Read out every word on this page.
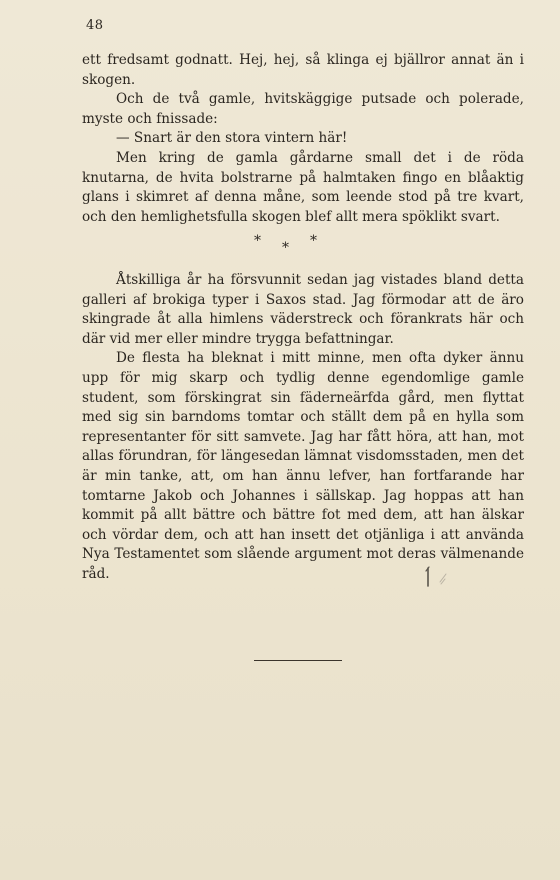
48

ett fredsamt godnatt. Hej, hej, så klinga ej bjällror annat än i skogen.

Och de två gamle, hvitskäggige putsade och polerade, myste och fnissade:

— Snart är den stora vintern här!

Men kring de gamla gårdarne small det i de röda knutarna, de hvita bolstrarne på halmtaken fingo en blåaktig glans i skimret af denna måne, som leende stod på tre kvart, och den hemlighetsfulla skogen blef allt mera spöklikt svart.

* * *

Åtskilliga år ha försvunnit sedan jag vistades bland detta galleri af brokiga typer i Saxos stad. Jag förmodar att de äro skingrade åt alla himlens väderstreck och förankrats här och där vid mer eller mindre trygga befattningar.

De flesta ha bleknat i mitt minne, men ofta dyker ännu upp för mig skarp och tydlig denne egendomlige gamle student, som förskingrat sin fäderneärfda gård, men flyttat med sig sin barndoms tomtar och ställt dem på en hylla som representanter för sitt samvete. Jag har fått höra, att han, mot allas förundran, för längesedan lämnat visdomsstaden, men det är min tanke, att, om han ännu lefver, han fortfarande har tomtarne Jakob och Johannes i sällskap. Jag hoppas att han kommit på allt bättre och bättre fot med dem, att han älskar och vördar dem, och att han insett det otjänliga i att använda Nya Testamentet som slående argument mot deras välmenande råd.
